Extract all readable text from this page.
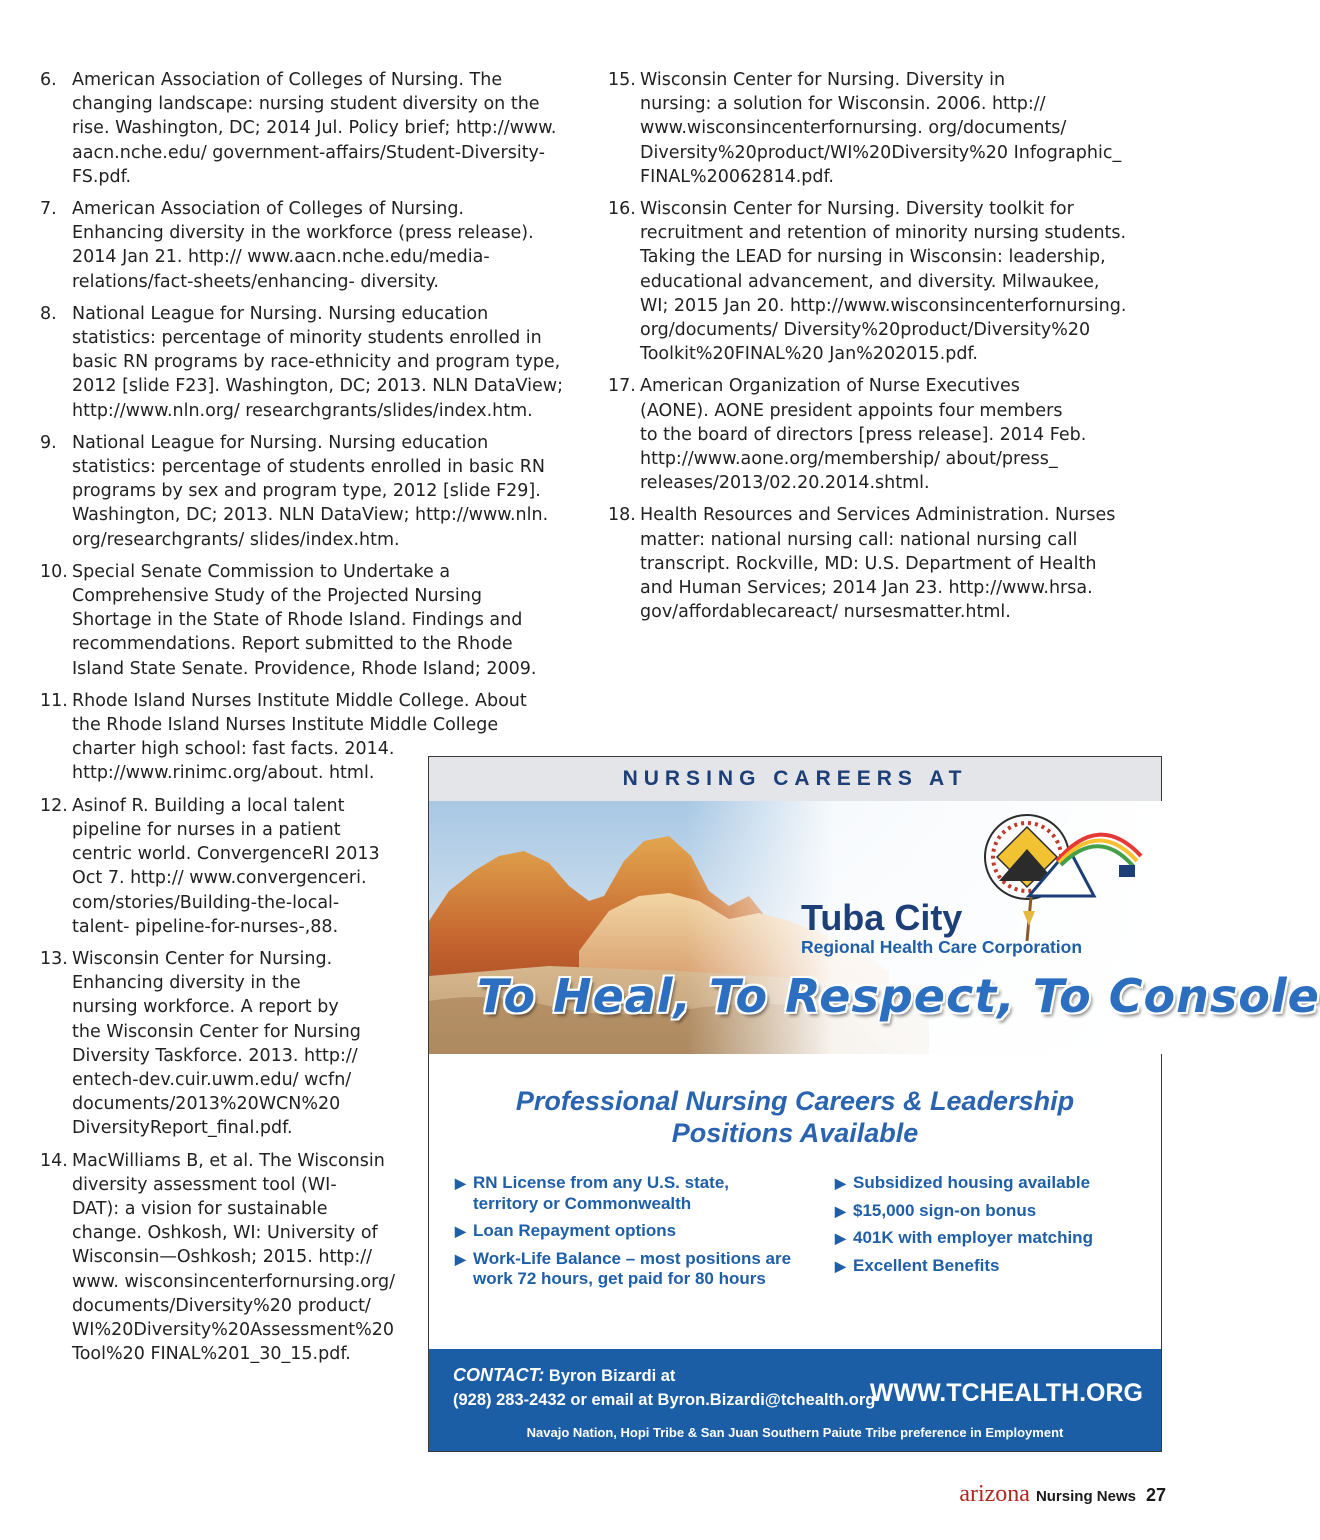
6. American Association of Colleges of Nursing. The
changing landscape: nursing student diversity on the
rise. Washington, DC; 2014 Jul. Policy brief; http://www.
aacn.nche.edu/ government-affairs/Student-Diversity-
FS.pdf.
7. American Association of Colleges of Nursing.
Enhancing diversity in the workforce (press release).
2014 Jan 21. http:// www.aacn.nche.edu/media-
relations/fact-sheets/enhancing- diversity.
8. National League for Nursing. Nursing education
statistics: percentage of minority students enrolled in
basic RN programs by race-ethnicity and program type,
2012 [slide F23]. Washington, DC; 2013. NLN DataView;
http://www.nln.org/ researchgrants/slides/index.htm.
9. National League for Nursing. Nursing education
statistics: percentage of students enrolled in basic RN
programs by sex and program type, 2012 [slide F29].
Washington, DC; 2013. NLN DataView; http://www.nln.
org/researchgrants/ slides/index.htm.
10. Special Senate Commission to Undertake a
Comprehensive Study of the Projected Nursing
Shortage in the State of Rhode Island. Findings and
recommendations. Report submitted to the Rhode
Island State Senate. Providence, Rhode Island; 2009.
11. Rhode Island Nurses Institute Middle College. About
the Rhode Island Nurses Institute Middle College
charter high school: fast facts. 2014.
http://www.rinimc.org/about. html.
12. Asinof R. Building a local talent
pipeline for nurses in a patient
centric world. ConvergenceRI 2013
Oct 7. http:// www.convergenceri.
com/stories/Building-the-local-
talent- pipeline-for-nurses-,88.
13. Wisconsin Center for Nursing.
Enhancing diversity in the
nursing workforce. A report by
the Wisconsin Center for Nursing
Diversity Taskforce. 2013. http://
entech-dev.cuir.uwm.edu/ wcfn/
documents/2013%20WCN%20
DiversityReport_final.pdf.
14. MacWilliams B, et al. The Wisconsin
diversity assessment tool (WI-
DAT): a vision for sustainable
change. Oshkosh, WI: University of
Wisconsin—Oshkosh; 2015. http://
www. wisconsincenterfornursing.org/
documents/Diversity%20 product/
WI%20Diversity%20Assessment%20
Tool%20 FINAL%201_30_15.pdf.
15. Wisconsin Center for Nursing. Diversity in
nursing: a solution for Wisconsin. 2006. http://
www.wisconsincenterfornursing. org/documents/
Diversity%20product/WI%20Diversity%20 Infographic_
FINAL%20062814.pdf.
16. Wisconsin Center for Nursing. Diversity toolkit for
recruitment and retention of minority nursing students.
Taking the LEAD for nursing in Wisconsin: leadership,
educational advancement, and diversity. Milwaukee,
WI; 2015 Jan 20. http://www.wisconsincenterfornursing.
org/documents/ Diversity%20product/Diversity%20
Toolkit%20FINAL%20 Jan%202015.pdf.
17. American Organization of Nurse Executives
(AONE). AONE president appoints four members
to the board of directors [press release]. 2014 Feb.
http://www.aone.org/membership/ about/press_
releases/2013/02.20.2014.shtml.
18. Health Resources and Services Administration. Nurses
matter: national nursing call: national nursing call
transcript. Rockville, MD: U.S. Department of Health
and Human Services; 2014 Jan 23. http://www.hrsa.
gov/affordablecareact/ nursesmatter.html.
NURSING CAREERS AT
Tuba City
Regional Health Care Corporation
To Heal, To Respect, To Console
Professional Nursing Careers & Leadership
Positions Available
▶ RN License from any U.S. state,
territory or Commonwealth
▶ Loan Repayment options
▶ Work-Life Balance – most positions are
work 72 hours, get paid for 80 hours
▶ Subsidized housing available
▶ $15,000 sign-on bonus
▶ 401K with employer matching
▶ Excellent Benefits
CONTACT: Byron Bizardi at
(928) 283-2432 or email at Byron.Bizardi@tchealth.org
WWW.TCHEALTH.ORG
Navajo Nation, Hopi Tribe & San Juan Southern Paiute Tribe preference in Employment
arizona Nursing News 27
